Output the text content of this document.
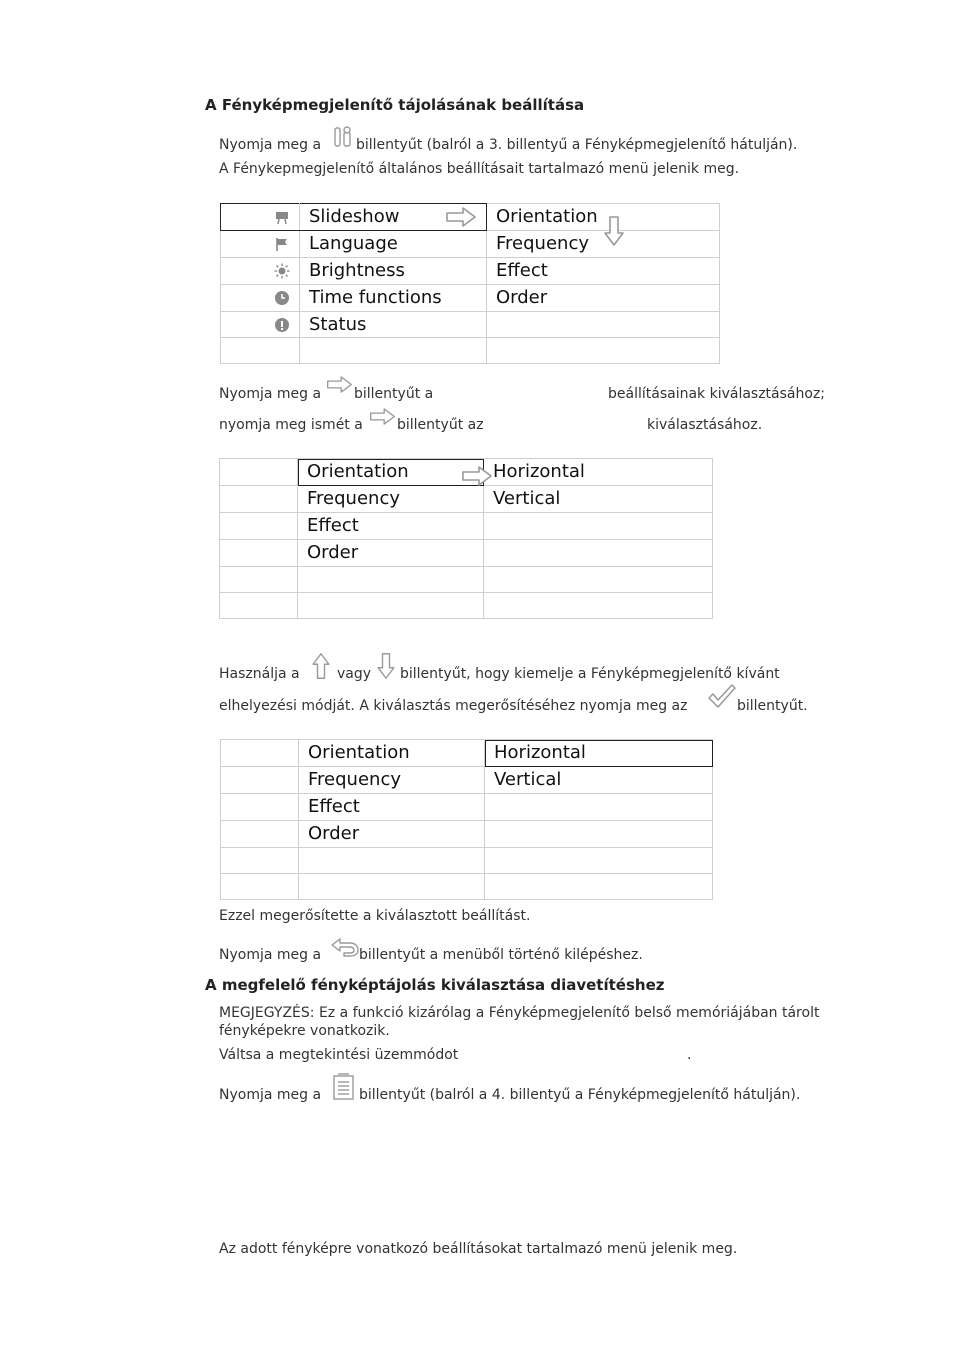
A Fényképmegjelenítő tájolásának beállítása
Nyomja meg a billentyűt (balról a 3. billentyű a Fényképmegjelenítő hátulján).
A Fénykepmegjelenítő általános beállításait tartalmazó menü jelenik meg.
	Slideshow	Orientation
	Language	Frequency
	Brightness	Effect
	Time functions	Order
	Status	

Nyomja meg a billentyűt a	beállításainak kiválasztásához;
nyomja meg ismét a billentyűt az	kiválasztásához.
	Orientation	Horizontal
	Frequency	Vertical
	Effect	
	Order	

Használja a	vagy billentyűt, hogy kiemelje a Fényképmegjelenítő kívánt
elhelyezési módját. A kiválasztás megerősítéséhez nyomja meg az	billentyűt.
	Orientation	Horizontal
	Frequency	Vertical
	Effect	
	Order	

Ezzel megerősítette a kiválasztott beállítást.
Nyomja meg a	billentyűt a menüből történő kilépéshez.
A megfelelő fényképtájolás kiválasztása diavetítéshez
MEGJEGYZÉS: Ez a funkció kizárólag a Fényképmegjelenítő belső memóriájában tárolt
fényképekre vonatkozik.
Váltsa a megtekintési üzemmódot	.
Nyomja meg a	billentyűt (balról a 4. billentyű a Fényképmegjelenítő hátulján).
Az adott fényképre vonatkozó beállításokat tartalmazó menü jelenik meg.
